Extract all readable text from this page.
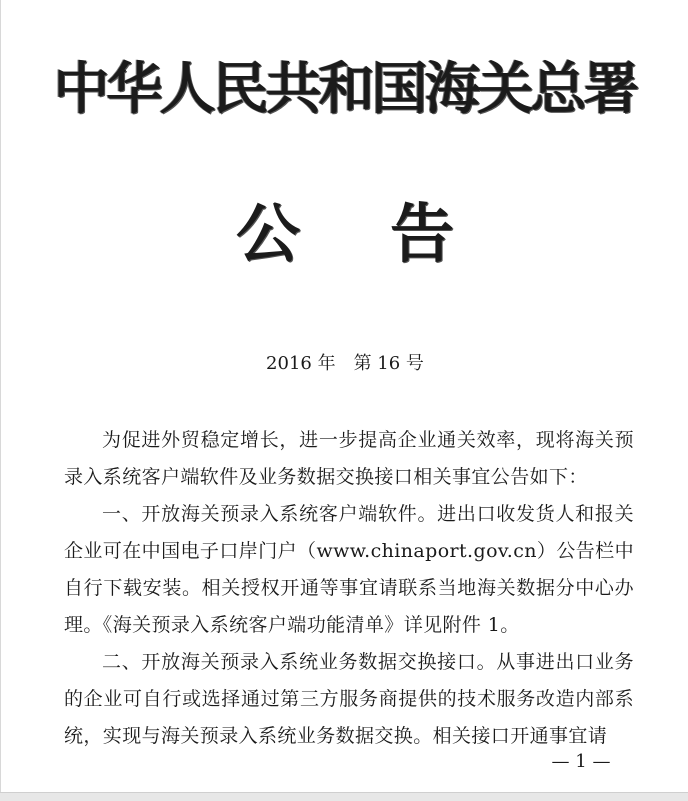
中华人民共和国海关总署
公告
2016 年　第 16 号

为促进外贸稳定增长，进一步提高企业通关效率，现将海关预录入系统客户端软件及业务数据交换接口相关事宜公告如下：

一、开放海关预录入系统客户端软件。进出口收发货人和报关企业可在中国电子口岸门户（www.chinaport.gov.cn）公告栏中自行下载安装。相关授权开通等事宜请联系当地海关数据分中心办理。《海关预录入系统客户端功能清单》详见附件 1。

二、开放海关预录入系统业务数据交换接口。从事进出口业务的企业可自行或选择通过第三方服务商提供的技术服务改造内部系统，实现与海关预录入系统业务数据交换。相关接口开通事宜请

— 1 —
